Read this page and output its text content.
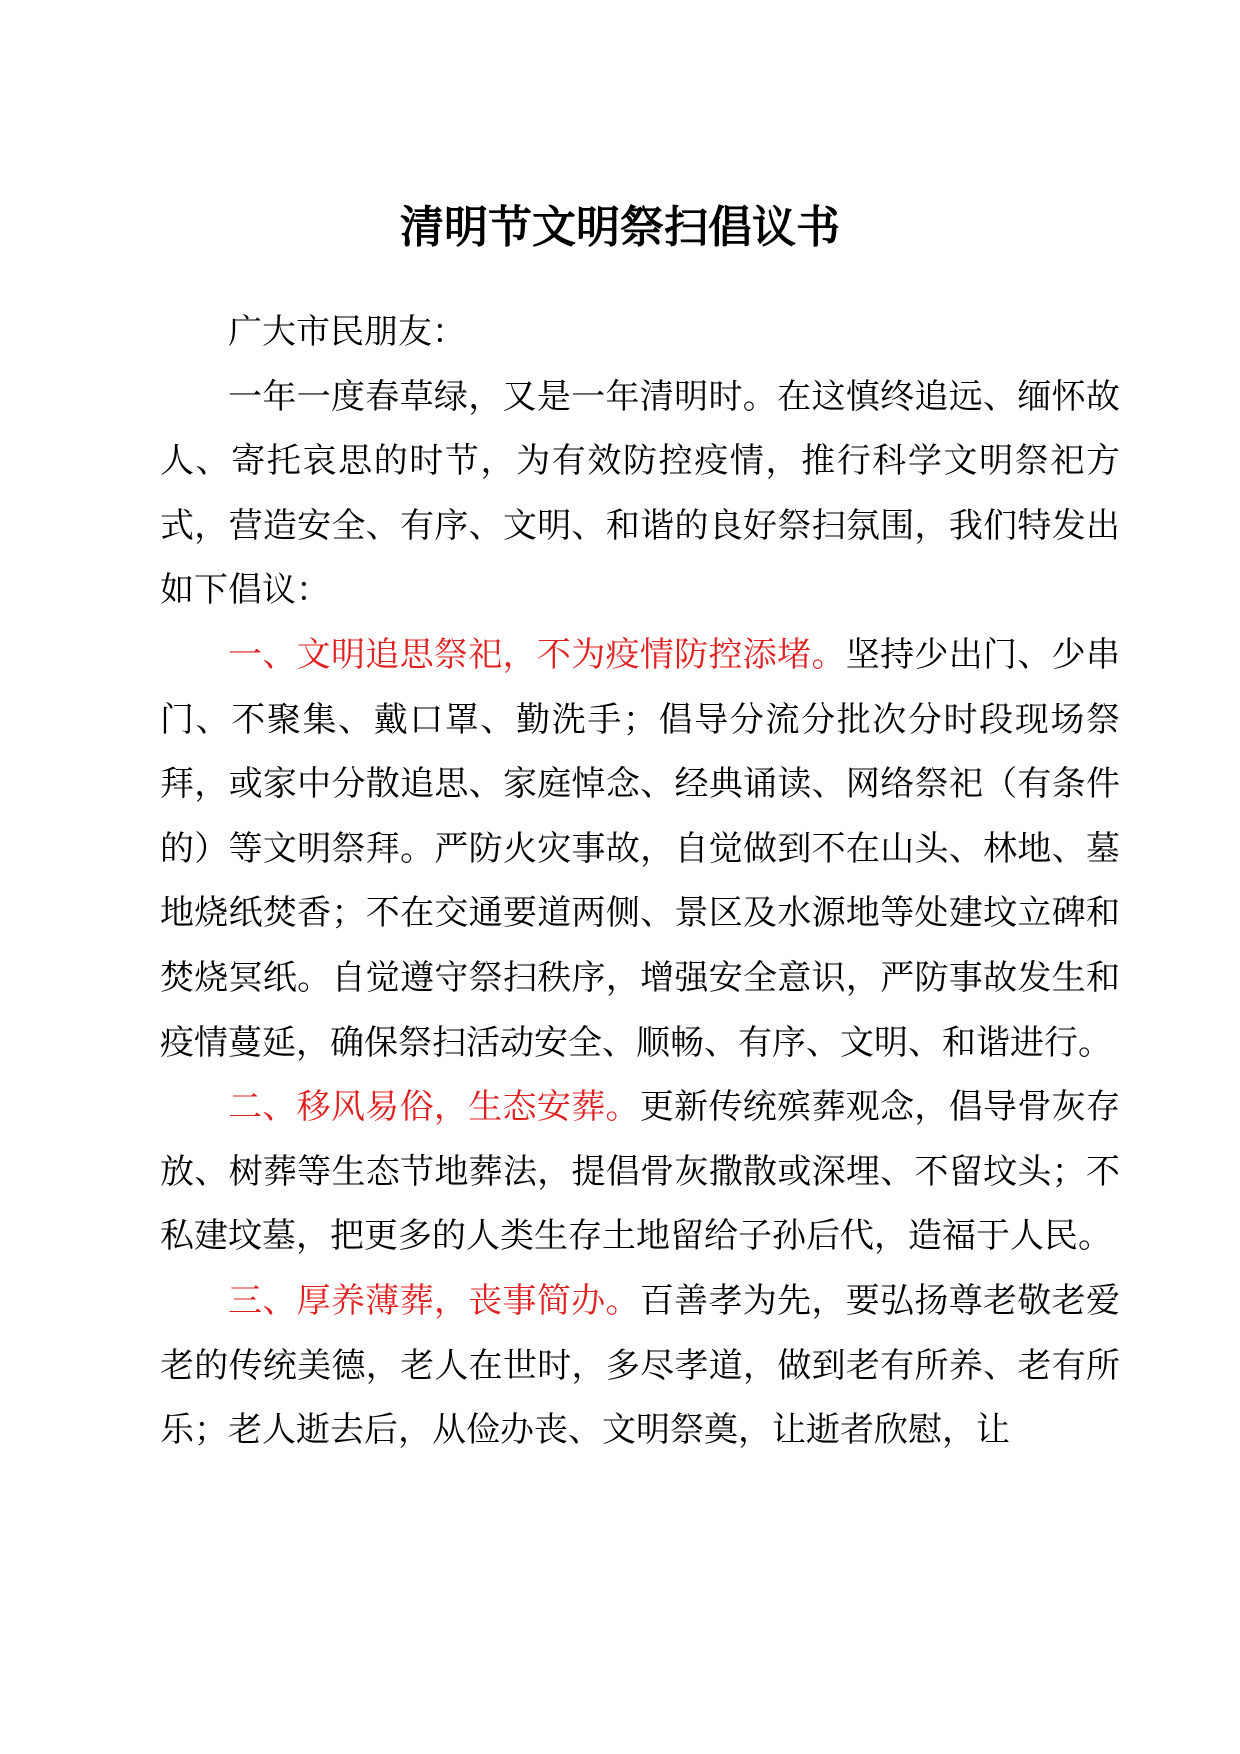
清明节文明祭扫倡议书

广大市民朋友：

一年一度春草绿，又是一年清明时。在这慎终追远、缅怀故人、寄托哀思的时节，为有效防控疫情，推行科学文明祭祀方式，营造安全、有序、文明、和谐的良好祭扫氛围，我们特发出如下倡议：

一、文明追思祭祀，不为疫情防控添堵。坚持少出门、少串门、不聚集、戴口罩、勤洗手；倡导分流分批次分时段现场祭拜，或家中分散追思、家庭悼念、经典诵读、网络祭祀（有条件的）等文明祭拜。严防火灾事故，自觉做到不在山头、林地、墓地烧纸焚香；不在交通要道两侧、景区及水源地等处建坟立碑和焚烧冥纸。自觉遵守祭扫秩序，增强安全意识，严防事故发生和疫情蔓延，确保祭扫活动安全、顺畅、有序、文明、和谐进行。

二、移风易俗，生态安葬。更新传统殡葬观念，倡导骨灰存放、树葬等生态节地葬法，提倡骨灰撒散或深埋、不留坟头；不私建坟墓，把更多的人类生存土地留给子孙后代，造福于人民。

三、厚养薄葬，丧事简办。百善孝为先，要弘扬尊老敬老爱老的传统美德，老人在世时，多尽孝道，做到老有所养、老有所乐；老人逝去后，从俭办丧、文明祭奠，让逝者欣慰，让
